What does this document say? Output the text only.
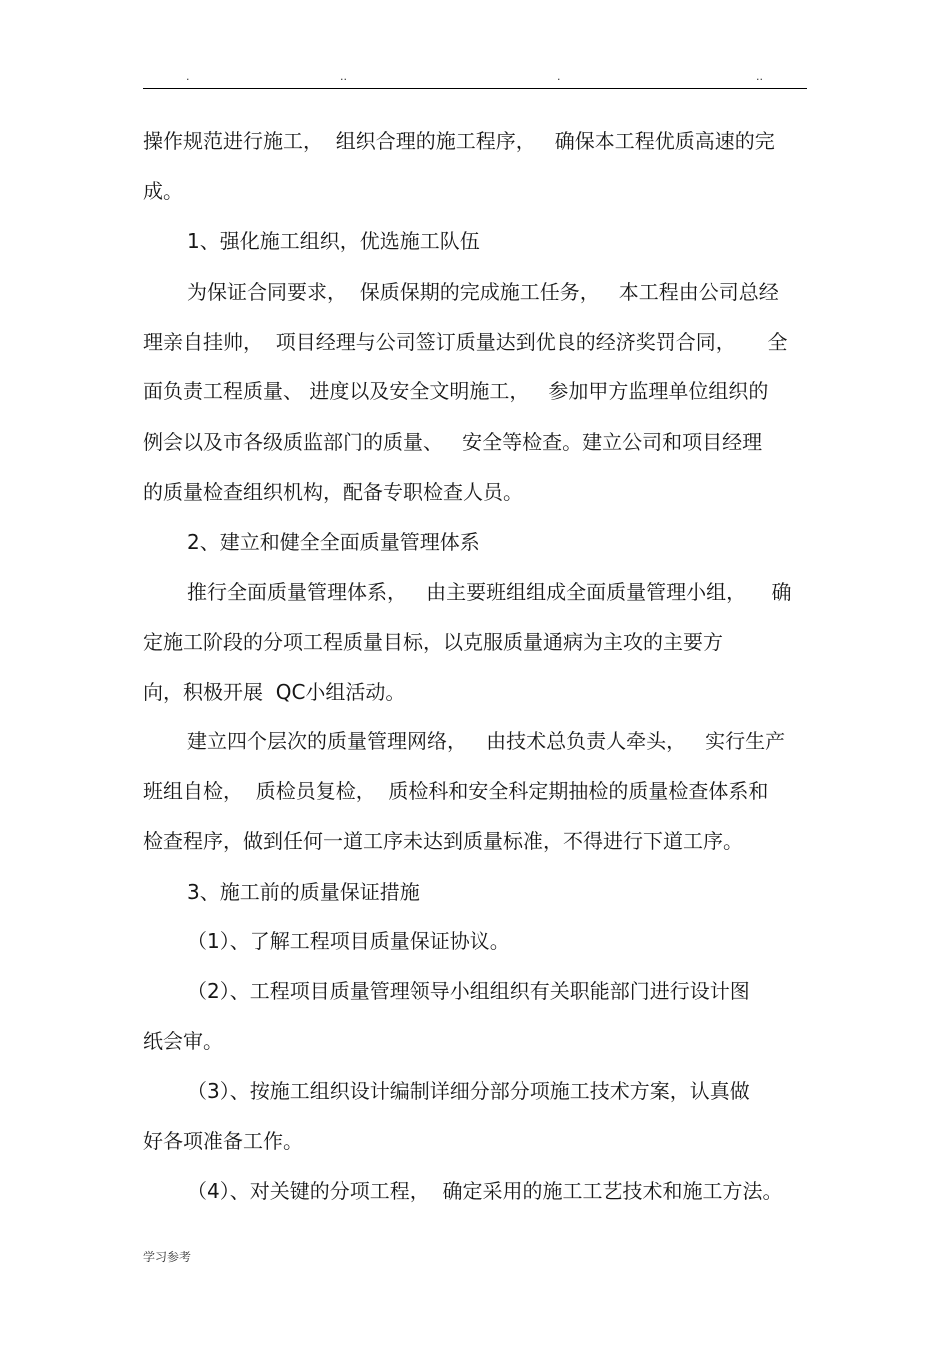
.	..	.	..
操作规范进行施工，  组织合理的施工程序，   确保本工程优质高速的完
成。
1、强化施工组织，优选施工队伍
为保证合同要求，  保质保期的完成施工任务，   本工程由公司总经
理亲自挂帅，  项目经理与公司签订质量达到优良的经济奖罚合同，     全
面负责工程质量、 进度以及安全文明施工，   参加甲方监理单位组织的
例会以及市各级质监部门的质量、   安全等检查。建立公司和项目经理
的质量检查组织机构，配备专职检查人员。
2、建立和健全全面质量管理体系
推行全面质量管理体系，   由主要班组组成全面质量管理小组，    确
定施工阶段的分项工程质量目标，以克服质量通病为主攻的主要方
向，积极开展  QC小组活动。
建立四个层次的质量管理网络，   由技术总负责人牵头，   实行生产
班组自检，  质检员复检，  质检科和安全科定期抽检的质量检查体系和
检查程序，做到任何一道工序未达到质量标准，不得进行下道工序。
3、施工前的质量保证措施
（1）、了解工程项目质量保证协议。
（2）、工程项目质量管理领导小组组织有关职能部门进行设计图
纸会审。
（3）、按施工组织设计编制详细分部分项施工技术方案，认真做
好各项准备工作。
（4）、对关键的分项工程，  确定采用的施工工艺技术和施工方法。
学习参考
